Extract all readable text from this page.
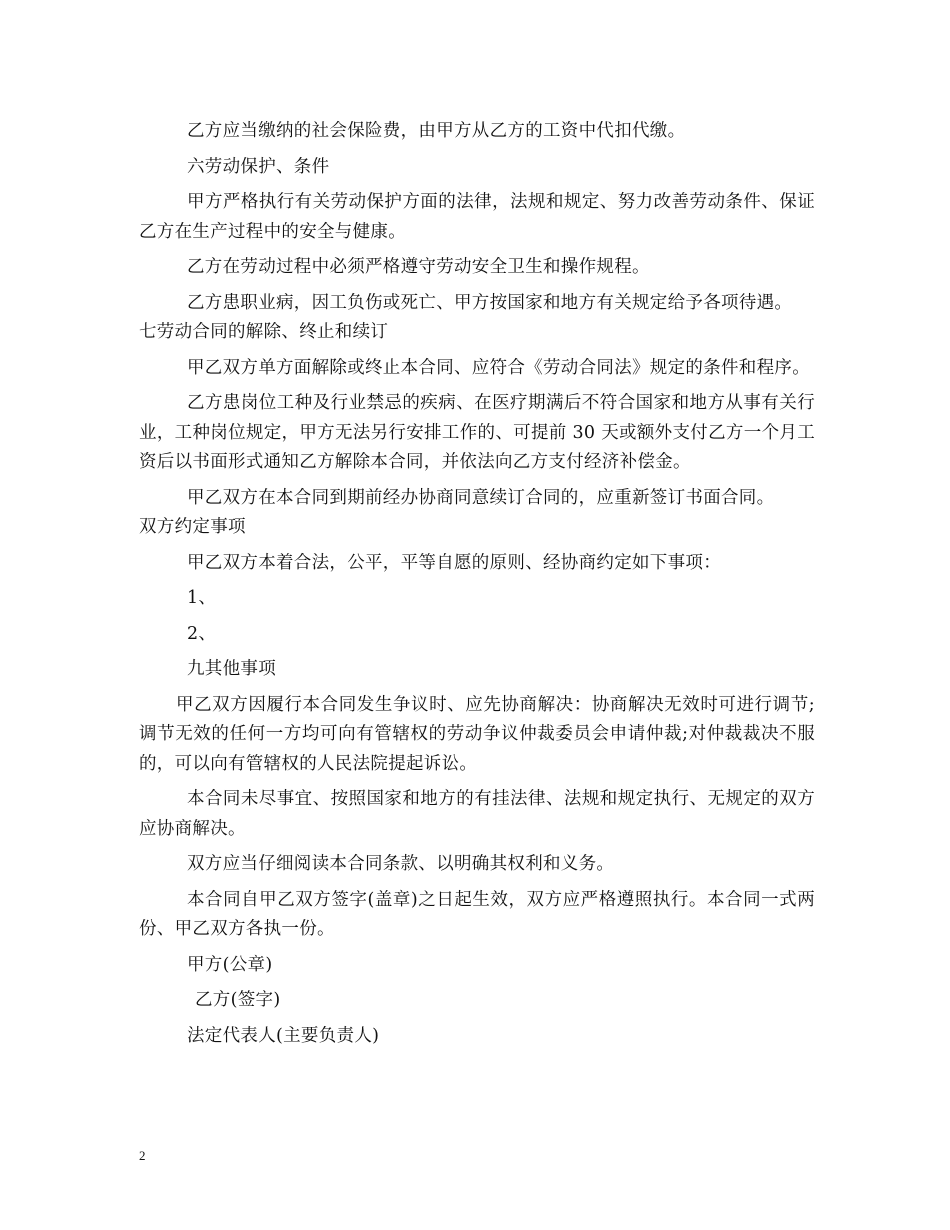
乙方应当缴纳的社会保险费，由甲方从乙方的工资中代扣代缴。

六劳动保护、条件

甲方严格执行有关劳动保护方面的法律，法规和规定、努力改善劳动条件、保证乙方在生产过程中的安全与健康。

乙方在劳动过程中必须严格遵守劳动安全卫生和操作规程。

乙方患职业病，因工负伤或死亡、甲方按国家和地方有关规定给予各项待遇。

七劳动合同的解除、终止和续订

甲乙双方单方面解除或终止本合同、应符合《劳动合同法》规定的条件和程序。

乙方患岗位工种及行业禁忌的疾病、在医疗期满后不符合国家和地方从事有关行业，工种岗位规定，甲方无法另行安排工作的、可提前 30 天或额外支付乙方一个月工资后以书面形式通知乙方解除本合同，并依法向乙方支付经济补偿金。

甲乙双方在本合同到期前经办协商同意续订合同的，应重新签订书面合同。

双方约定事项

甲乙双方本着合法，公平，平等自愿的原则、经协商约定如下事项：

1、

2、

九其他事项

甲乙双方因履行本合同发生争议时、应先协商解决：协商解决无效时可进行调节;调节无效的任何一方均可向有管辖权的劳动争议仲裁委员会申请仲裁;对仲裁裁决不服的，可以向有管辖权的人民法院提起诉讼。

本合同未尽事宜、按照国家和地方的有挂法律、法规和规定执行、无规定的双方应协商解决。

双方应当仔细阅读本合同条款、以明确其权利和义务。

本合同自甲乙双方签字(盖章)之日起生效，双方应严格遵照执行。本合同一式两份、甲乙双方各执一份。

甲方(公章)

乙方(签字)

法定代表人(主要负责人)

2
